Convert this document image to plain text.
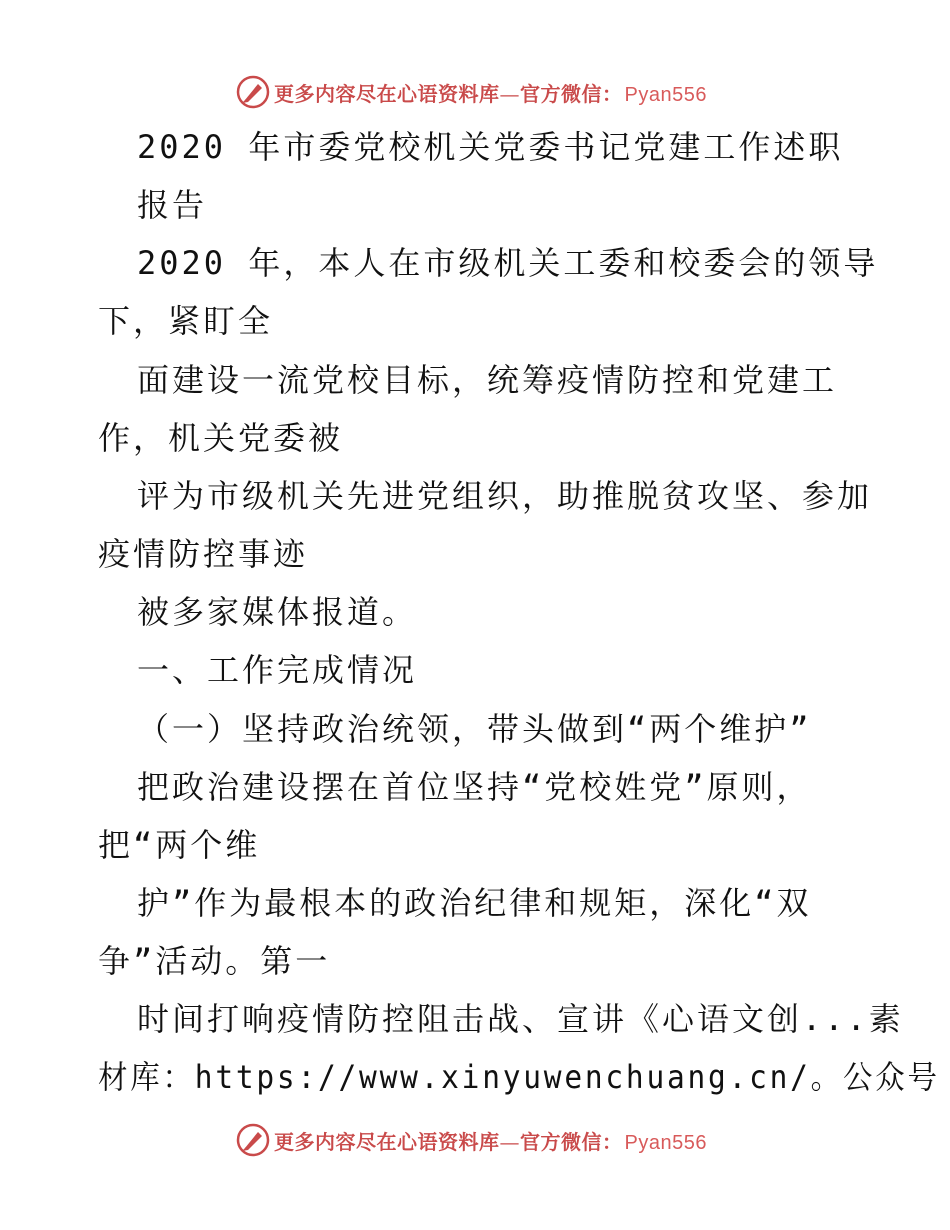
更多内容尽在心语资料库—官方微信： Pyan556
2020 年市委党校机关党委书记党建工作述职
报告
2020 年，本人在市级机关工委和校委会的领导
下，紧盯全
面建设一流党校目标，统筹疫情防控和党建工
作，机关党委被
评为市级机关先进党组织，助推脱贫攻坚、参加
疫情防控事迹
被多家媒体报道。
一、工作完成情况
（一）坚持政治统领，带头做到“两个维护”
把政治建设摆在首位坚持“党校姓党”原则，
把“两个维
护”作为最根本的政治纪律和规矩，深化“双
争”活动。第一
时间打响疫情防控阻击战、宣讲《心语文创...素
材库：https://www.xinyuwenchuang.cn/。公众号
更多内容尽在心语资料库—官方微信： Pyan556
